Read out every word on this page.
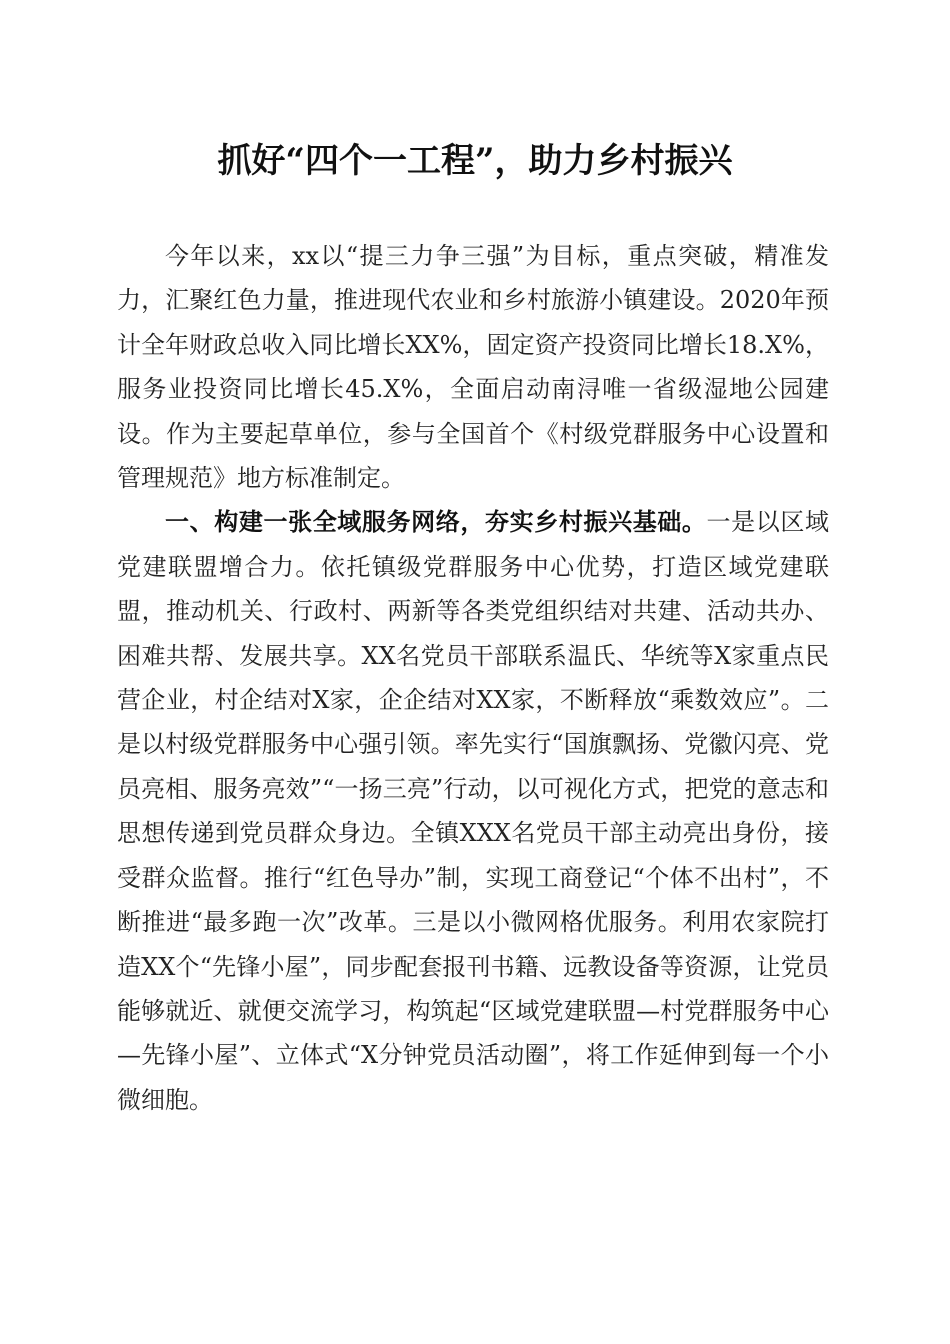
抓好“四个一工程”，助力乡村振兴

今年以来，xx以“提三力争三强”为目标，重点突破，精准发力，汇聚红色力量，推进现代农业和乡村旅游小镇建设。2020年预计全年财政总收入同比增长XX%，固定资产投资同比增长18.X%，服务业投资同比增长45.X%，全面启动南浔唯一省级湿地公园建设。作为主要起草单位，参与全国首个《村级党群服务中心设置和管理规范》地方标准制定。

一、构建一张全域服务网络，夯实乡村振兴基础。一是以区域党建联盟增合力。依托镇级党群服务中心优势，打造区域党建联盟，推动机关、行政村、两新等各类党组织结对共建、活动共办、困难共帮、发展共享。XX名党员干部联系温氏、华统等X家重点民营企业，村企结对X家，企企结对XX家，不断释放“乘数效应”。二是以村级党群服务中心强引领。率先实行“国旗飘扬、党徽闪亮、党员亮相、服务亮效”“一扬三亮”行动，以可视化方式，把党的意志和思想传递到党员群众身边。全镇XXX名党员干部主动亮出身份，接受群众监督。推行“红色导办”制，实现工商登记“个体不出村”，不断推进“最多跑一次”改革。三是以小微网格优服务。利用农家院打造XX个“先锋小屋”，同步配套报刊书籍、远教设备等资源，让党员能够就近、就便交流学习，构筑起“区域党建联盟—村党群服务中心—先锋小屋”、立体式“X分钟党员活动圈”，将工作延伸到每一个小微细胞。
